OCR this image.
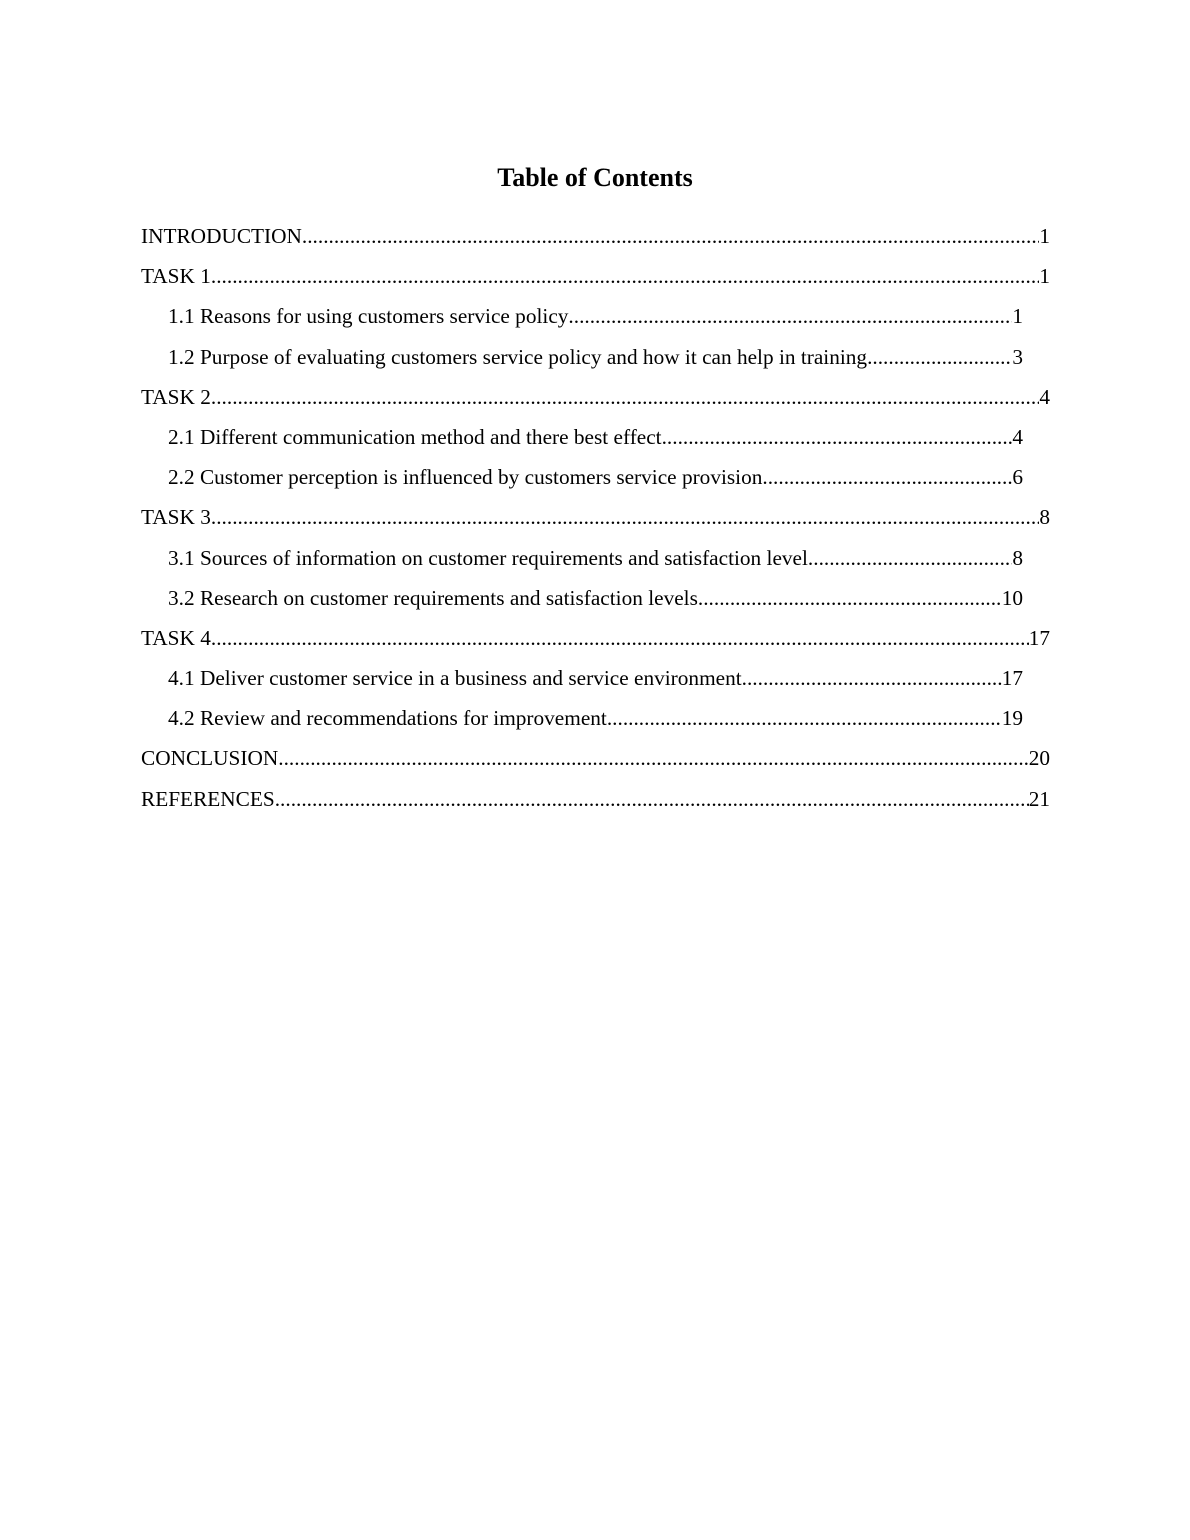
Table of Contents
INTRODUCTION .....	1
TASK 1 .....	1
1.1 Reasons for using customers service policy .....	1
1.2 Purpose of evaluating customers service policy and how it can help in training .....	3
TASK 2 .....	4
2.1 Different communication method and there best effect .....	4
2.2 Customer perception is influenced by customers service provision .....	6
TASK 3 .....	8
3.1 Sources of information on customer requirements and satisfaction level .....	8
3.2 Research on customer requirements and satisfaction levels .....	10
TASK 4 .....	17
4.1 Deliver customer service in a business and service environment .....	17
4.2 Review and recommendations for improvement .....	19
CONCLUSION .....	20
REFERENCES .....	21
